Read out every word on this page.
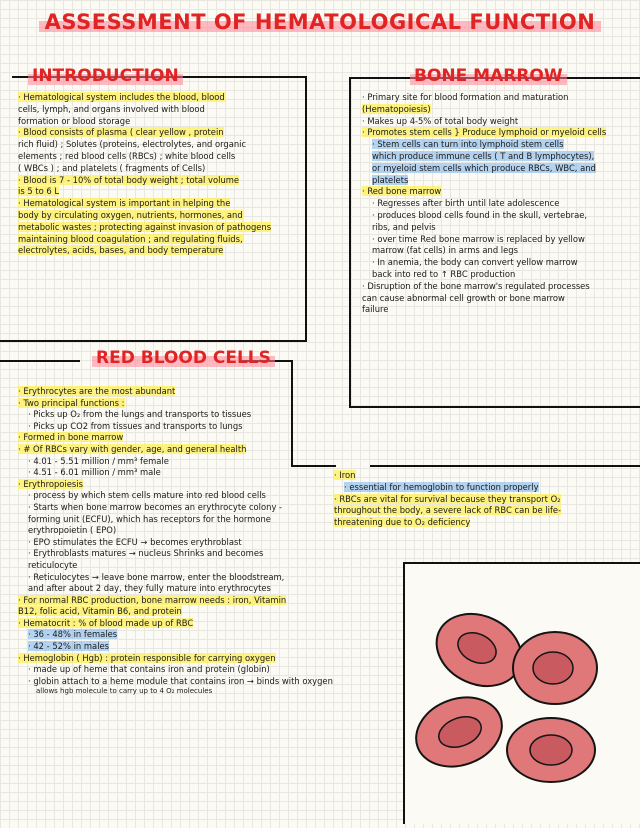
ASSESSMENT OF HEMATOLOGICAL FUNCTION
INTRODUCTION	BONE MARROW
RED BLOOD CELLS

· Hematological system includes the blood, blood

cells, lymph, and organs involved with blood

formation or blood storage

· Blood consists of plasma ( clear yellow , protein

rich fluid) ; Solutes (proteins, electrolytes, and organic

elements ; red blood cells (RBCs) ; white blood cells

( WBCs ) ; and platelets ( fragments of Cells)

· Blood is 7 - 10% of total body weight ; total volume

is 5 to 6 L

· Hematological system is important in helping the

body by circulating oxygen, nutrients, hormones, and

metabolic wastes ; protecting against invasion of pathogens

maintaining blood coagulation ; and regulating fluids,

electrolytes, acids, bases, and body temperature

· Primary site for blood formation and maturation

(Hematopoiesis)

· Makes up 4-5% of total body weight

· Promotes stem cells } Produce lymphoid or myeloid cells

· Stem cells can turn into lymphoid stem cells

which produce immune cells ( T and B lymphocytes),

or myeloid stem cells which produce RBCs, WBC, and

platelets

· Red bone marrow

· Regresses after birth until late adolescence

· produces blood cells found in the skull, vertebrae,

ribs, and pelvis

· over time Red bone marrow is replaced by yellow

marrow (fat cells) in arms and legs

· In anemia, the body can convert yellow marrow

back into red to ↑ RBC production

· Disruption of the bone marrow's regulated processes

can cause abnormal cell growth or bone marrow

failure

· Erythrocytes are the most abundant

· Two principal functions :

· Picks up O₂ from the lungs and transports to tissues

· Picks up CO2 from tissues and transports to lungs

· Formed in bone marrow

· # Of RBCs vary with gender, age, and general health

· 4.01 - 5.51 million / mm³ female

· 4.51 - 6.01 million / mm³ male

· Erythropoiesis

· process by which stem cells mature into red blood cells

· Starts when bone marrow becomes an erythrocyte colony -

forming unit (ECFU), which has receptors for the hormone

erythropoietin ( EPO)

· EPO stimulates the ECFU → becomes erythroblast

· Erythroblasts matures → nucleus Shrinks and becomes

reticulocyte

· Reticulocytes → leave bone marrow, enter the bloodstream,

and after about 2 day, they fully mature into erythrocytes

· For normal RBC production, bone marrow needs : iron, Vitamin

B12, folic acid, Vitamin B6, and protein

· Hematocrit : % of blood made up of RBC

· 36 - 48% in females

· 42 - 52% in males

· Hemoglobin ( Hgb) : protein responsible for carrying oxygen

· made up of heme that contains iron and protein (globin)

· globin attach to a heme module that contains iron → binds with oxygen

allows hgb molecule to carry up to 4 O₂ molecules

· Iron

· essential for hemoglobin to function properly

· RBCs are vital for survival because they transport O₂

throughout the body, a severe lack of RBC can be life-

threatening due to O₂ deficiency
